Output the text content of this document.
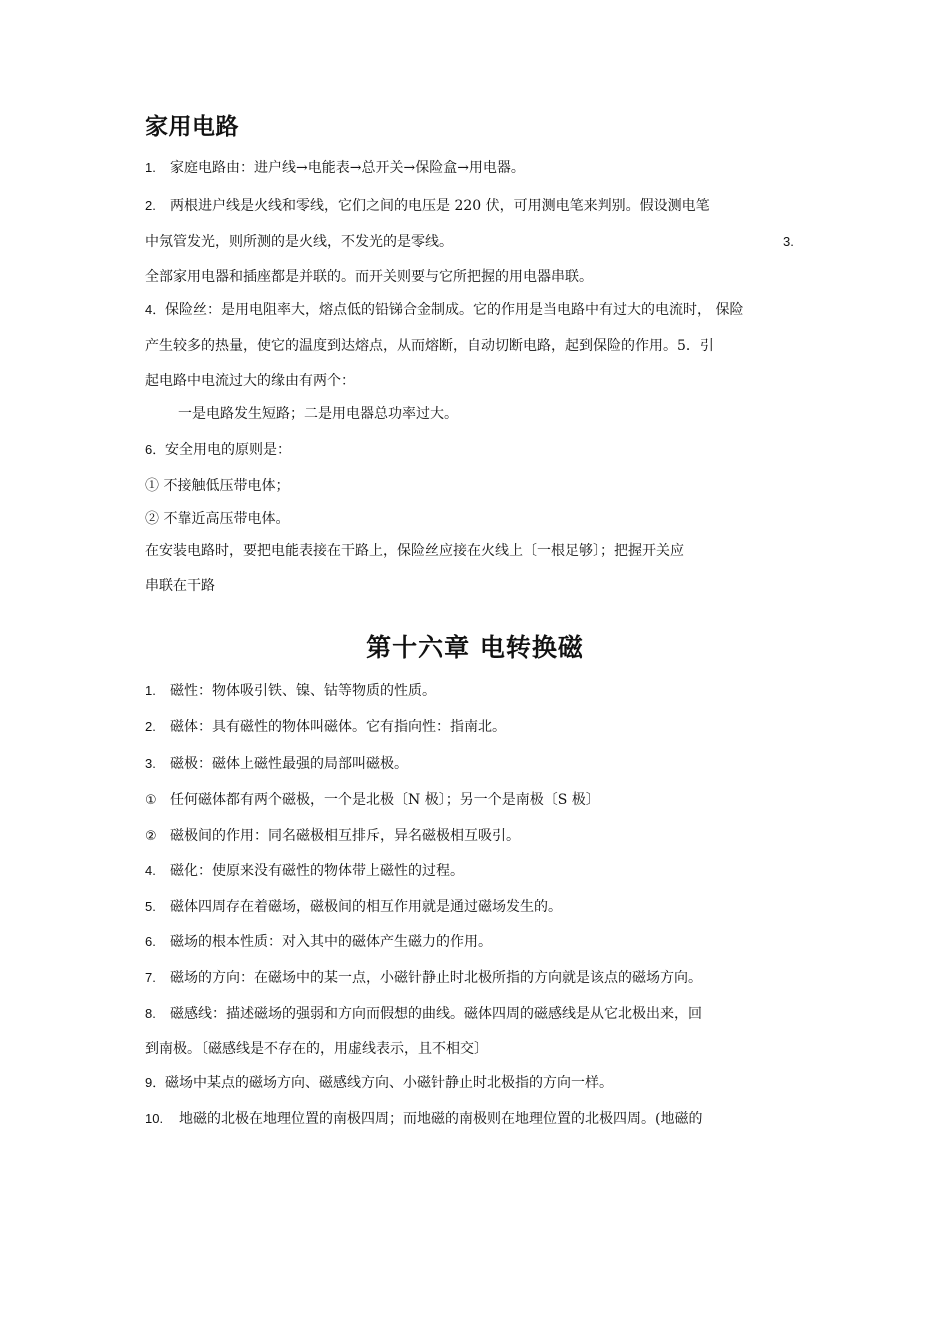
家用电路
1. 家庭电路由：进户线→电能表→总开关→保险盒→用电器。
2. 两根进户线是火线和零线，它们之间的电压是 220 伏，可用测电笔来判别。假设测电笔
中氖管发光，则所测的是火线，不发光的是零线。	3.
全部家用电器和插座都是并联的。而开关则要与它所把握的用电器串联。
4．保险丝：是用电阻率大，熔点低的铅锑合金制成。它的作用是当电路中有过大的电流时， 保险
产生较多的热量，使它的温度到达熔点，从而熔断，自动切断电路，起到保险的作用。5．引
起电路中电流过大的缘由有两个：
一是电路发生短路；二是用电器总功率过大。
6．安全用电的原则是：
① 不接触低压带电体；
② 不靠近高压带电体。
在安装电路时，要把电能表接在干路上，保险丝应接在火线上〔一根足够〕；把握开关应
串联在干路
第十六章 电转换磁
1. 磁性：物体吸引铁、镍、钴等物质的性质。
2. 磁体：具有磁性的物体叫磁体。它有指向性：指南北。
3. 磁极：磁体上磁性最强的局部叫磁极。
① 任何磁体都有两个磁极，一个是北极〔N 极〕；另一个是南极〔S 极〕
② 磁极间的作用：同名磁极相互排斥，异名磁极相互吸引。
4. 磁化：使原来没有磁性的物体带上磁性的过程。
5. 磁体四周存在着磁场，磁极间的相互作用就是通过磁场发生的。
6. 磁场的根本性质：对入其中的磁体产生磁力的作用。
7. 磁场的方向：在磁场中的某一点，小磁针静止时北极所指的方向就是该点的磁场方向。
8. 磁感线：描述磁场的强弱和方向而假想的曲线。磁体四周的磁感线是从它北极出来，回
到南极。〔磁感线是不存在的，用虚线表示，且不相交〕
9．磁场中某点的磁场方向、磁感线方向、小磁针静止时北极指的方向一样。
10. 地磁的北极在地理位置的南极四周；而地磁的南极则在地理位置的北极四周。(地磁的
